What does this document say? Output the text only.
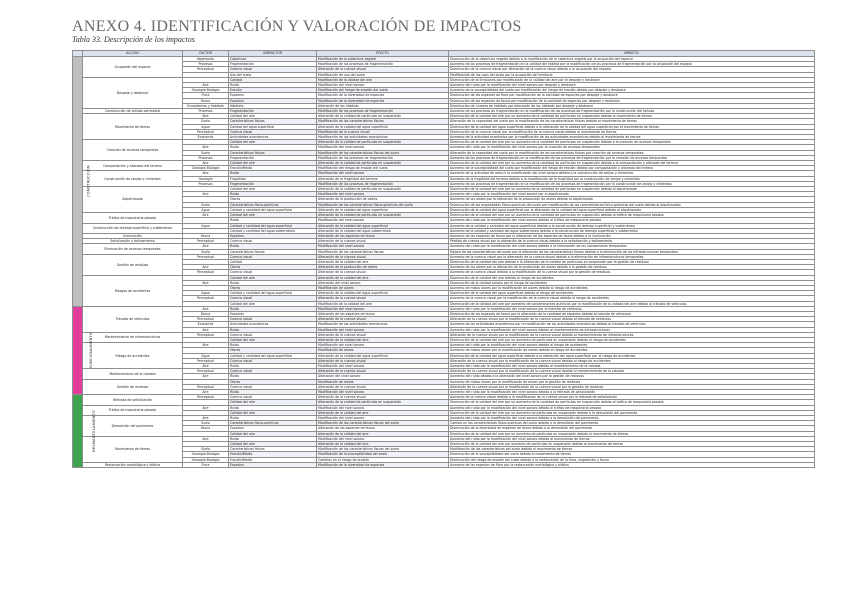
ANEXO 4. IDENTIFICACIÓN Y VALORACIÓN DE IMPACTOS
Tabla 33. Descripción de los impactos
	ACCIÓN	FACTOR	SUBFACTOR	EFECTO	IMPACTO
CONSTRUCCIÓN	Ocupación del espacio	Vegetación	Cobertura	Modificación de la cobertura vegetal	Disminución de la cobertura vegetal debido a la modificación de la cobertura vegetal por la ocupación del espacio
		Procesos	Fragmentación	Modificación de los procesos de fragmentación	Aumento de los procesos de fragmentación en la calidad del hábitat por la modificación de los procesos de fragmentación por la ocupación del espacio
		Perceptual	Cuenca visual	Alteración de la cuenca visual	Disminución de la cuenca visual por alteración de la cuenca visual debido a la ocupación del espacio
			Uso del suelo	Modificación de uso del suelo	Modificación de los usos del suelo por la ocupación del territorio
	Despeje y desbroce		Calidad	Modificación de la calidad del aire	Disminución de la Emisiones por modificación de la calidad del aire por el despeje y desbroce
		Aire	Ruido	Modificación del nivel sonoro	Aumento del ruido por la modificación del nivel sonoro por despeje y desbroce
		Geología Biología	Erosión	Modificación del riesgo de erosión del suelo	Aumento de la susceptibilidad del suelo por modificación del riesgo de erosión debido por despeje y desbroce
		Flora	Especies	Modificación de la diversidad de especies	Disminución de las especies de flora por modificación de la cantidad de especies por despeje y desbroce
		Fauna	Especies	Modificación de la diversidad de especies	Disminución de las especies de fauna por modificación de la cantidad de especies por despeje y desbroce
		Ecosistemas y hábitats	Hábitats	Alteración de los hábitats	Disminución de número de hábitats por alteración de los hábitats por despeje y desbroce
	Construcción de talludo perimetral	Procesos	Fragmentación	Modificación de los procesos de fragmentación	Aumento de los procesos de fragmentación en la modificación de los procesos de fragmentación por la construcción del talludo
	Movimiento de tierras	Aire	Calidad del aire	Alteración de la calidad de partículas en suspensión	Disminución de la calidad del aire por un aumento de la cantidad de partículas en suspensión debido al movimiento de tierras
		Suelo	Características físicas	Modificación de las características físicas	Alteración de la capacidad del suelo por la modificación de las características físicas debido al movimiento de tierras
		Agua	Calidad del agua superficial	Alteración de la calidad del agua superficial	Disminución de la calidad del agua superficial debido a la alteración de la calidad del agua superficial por el movimiento de tierras
		Perceptual	Cuenca visual	Modificación de la cuenca visual	Disminución de la cuenca visual por la modificación de la cuenca visual debido al movimiento de tierras
		Economía	Actividades económicas	Modificación de las actividades económicas	Aumento de la actividad económica por la modificación de las actividades económicas debido al movimiento de tierras
	Creación de accesos temporales		Calidad del aire	Alteración de la calidad de partículas en suspensión	Disminución de la calidad del aire por un aumento de la cantidad de partículas en suspensión debido a la creación de accesos temporales
		Aire	Ruido	Modificación del nivel sonoro	Aumento del ruido por la modificación del nivel sonoro por la creación de accesos temporales
		Suelo	Características físicas	Modificación de las características físicas del suelo	Alteración de la capacidad del suelo por la modificación de las características físicas por creación de accesos temporales
		Procesos	Fragmentación	Modificación de los procesos de fragmentación	Aumento de los procesos de fragmentación en la modificación de los procesos de fragmentación por la creación de accesos temporales
	Compactación y allanado del terreno	Aire	Calidad del aire	Alteración de la calidad de partículas en suspensión	Disminución de la calidad del aire por un aumento de la cantidad de partículas en suspensión debido a la compactación y allanado del terreno
		Geología Biología	Erosión/Medio	Modificación del riesgo de erosión del suelo	Aumento de la susceptibilidad del suelo por modificación del riesgo de erosión debido por compactación y allanado del terreno
	Construcción de zanjas y cimientos	Aire	Ruido	Modificación del nivel sonoro	Aumento de la actividad de reducir la modificación del nivel sonoro debido a la construcción de zanjas y cimientos
		Geología	Fragilidad	Alteración de la fragilidad del terreno	Aumento de la fragilidad del terreno debido a la modificación de la fragilidad por la construcción de zanjas y cimientos
		Procesos	Fragmentación	Modificación de los procesos de fragmentación	Aumento de los procesos de fragmentación en la modificación de los procesos de fragmentación por la construcción de zanjas y cimientos
	Alquitranado		Calidad del aire	Alteración de la calidad de partículas en suspensión	Disminución de la calidad del aire por un aumento de la cantidad de partículas en suspensión debido al alquitranado
		Aire	Ruido	Modificación del nivel sonoro	Aumento del ruido por la modificación del nivel sonoro por el alquitranado
			Olores	Alteración de la producción de olores	Aumento de los olores por la alteración de la producción de olores debido al alquitranado
		Suelo	Características físico-químicas	Modificación de las características físico-químicas del suelo	Disminución de las propiedades físico-químicas del suelo por modificación de las características físico-químicas del suelo debido al alquitranado
		Agua	Calidad y cantidad del agua superficial	Alteración de la calidad del agua superficial	Disminución de la calidad del agua superficial por la alteración de la calidad del agua superficial debido al alquitranado
	Tráfico de maquinaria pesada	Aire	Calidad del aire	Alteración de la calidad de partículas en suspensión	Disminución de la calidad del aire por un aumento de la cantidad de partículas en suspensión debido al tráfico de maquinaria pesada
			Ruido	Modificación del nivel sonoro	Aumento del ruido por la modificación del nivel sonoro debido al tráfico de maquinaria pesada
	Construcción de drenaje superficial y subterráneo	Agua	Calidad y cantidad del agua superficial	Alteración de la calidad del agua superficial	Aumento de la calidad y cantidad del agua superficial debido a la construcción de drenaje superficial y subterráneo
			Calidad y cantidad del agua subterránea	Alteración de la calidad del agua subterránea	Aumento de la calidad y cantidad del agua subterránea debido a la construcción de drenaje superficial y subterráneo
	Iluminación	Fauna	Especies	Alteración de las especies de fauna	Aumento de las especies de fauna por la alteración de las especies de fauna debido a la iluminación
	Señalización y balizamiento	Perceptual	Cuenca visual	Alteración de la cuenca visual	Pérdida de cuenca visual por la alteración de la cuenca visual debido a la señalización y balizamiento
	Eliminación de accesos temporales	Aire	Ruido	Modificación del nivel sonoro	Aumento del ruido por la modificación del nivel sonoro debido a la eliminación de las instalaciones temporales
		Suelo	Características físicas	Modificación de las características físicas	Mejora de las características del suelo por la alteración de las características físicas debido a la eliminación de las infraestructuras temporales
	Gestión de residuos	Perceptual	Cuenca visual	Alteración de la cuenca visual	Aumento de la cuenca visual por la alteración de la cuenca visual debido a la eliminación de infraestructuras temporales
			Calidad	Alteración de la calidad del aire	Disminución de la calidad del aire debido a la alteración de la calidad de partículas en suspensión por la gestión de residuos
		Aire	Olores	Alteración de la producción de olores	Aumento de los olores por la alteración de la producción de olores debido a la gestión de residuos
		Perceptual	Cuenca visual	Alteración de la cuenca visual	Aumento de la cuenca visual debido a la modificación de la cuenca visual por la gestión de residuos
	Riesgos de accidentes		Calidad del aire	Alteración de la calidad del aire	Disminución de la calidad del aire debido al riesgo de accidentes
		Aire	Ruido	Alteración del nivel sonoro	Disminución de la calidad sonora por el riesgo de accidentes
			Olores	Modificación de olores	Aumento de malos olores por la modificación de olores debido al riesgo de accidentes
		Agua	Calidad y cantidad del agua superficial	Alteración de la calidad del agua superficial	Disminución de la calidad del agua superficial debido al riesgo de accidentes
		Perceptual	Cuenca visual	Alteración de la cuenca visual	Aumento de la cuenca visual por la modificación de la cuenca visual debido al riesgo de accidentes
			Calidad del aire	Modificación de la calidad del aire	Disminución de la calidad del aire por aumento de contaminantes químicos por la modificación de la calidad del aire debido al tránsito de vehículos
FUNCIONAMIENTO	Tránsito de vehículos	Aire	Ruido	Modificación del nivel sonoro	Aumento del ruido por la modificación del nivel sonoro por el tránsito de vehículos
		Fauna	Especies	Alteración de las especies de fauna	Disminución de las especies de fauna por la alteración de la cantidad de especies debido al tránsito de vehículos
		Perceptual	Cuenca visual	Alteración de la cuenca visual	Alteración de la cuenca visual por la modificación de la cuenca visual debido al tránsito de vehículos
		Economía	Actividades económicas	Modificación de las actividades económicas	Aumento de las actividades económicas por la modificación de las actividades económicas debido al tránsito de vehículos
		Aire	Ruido	Modificación del nivel sonoro	Aumento del ruido por la modificación del nivel sonoro debido al mantenimiento de infraestructuras
	Mantenimiento de infraestructuras	Perceptual	Cuenca visual	Alteración de la cuenca visual	Alteración de la cuenca visual por la modificación de la cuenca visual debido al mantenimiento de infraestructuras
			Calidad del aire	Alteración de la calidad del aire	Disminución de la calidad del aire por un aumento de partículas en suspensión debido al riesgo de accidentes
	Riesgo de accidentes	Aire	Ruido	Modificación del nivel sonoro	Aumento del ruido por la modificación del nivel sonoro debido al riesgo de accidentes
			Olores	Modificación de olores	Aumento de malos olores por la modificación de olores debido al riesgo de accidentes
		Agua	Calidad y cantidad del agua superficial	Alteración de la calidad del agua superficial	Disminución de la calidad del agua superficial debido a la alteración del agua superficial por el riesgo de accidentes
		Perceptual	Cuenca visual	Alteración de la cuenca visual	Alteración de la cuenca visual por la modificación de la cuenca visual debido al riesgo de accidentes
		Aire	Ruido	Modificación del nivel sonoro	Aumento del ruido por la modificación del nivel sonoro debido al mantenimiento de la calzada
	Mantenimiento de la calzada	Perceptual	Cuenca visual	Alteración de la cuenca visual	Alteración de la cuenca visual por la modificación de la cuenca visual debido al mantenimiento de la calzada
		Aire	Ruido	Alteración del nivel sonoro	Aumento del ruido debido a la alteración del nivel sonoro por la gestión de residuos
	Gestión de residuos		Olores	Modificación de olores	Aumento de malos olores por la modificación de olores por la gestión de residuos
		Perceptual	Cuenca visual	Alteración de la cuenca visual	Alteración de la cuenca visual por la modificación de la cuenca visual por la gestión de residuos
		Aire	Ruido	Modificación del nivel sonoro	Aumento del ruido por la modificación del nivel sonoro debido a la retirada de señalización
DESMANTELAMIENTO	Retirada de señalización	Perceptual	Cuenca visual	Alteración de la cuenca visual	Aumento de la cuenca visual debido a la modificación de la cuenca visual por la retirada de señalización
			Calidad del aire	Alteración de la calidad de partículas en suspensión	Disminución de la calidad del aire por un aumento de la cantidad de partículas en suspensión debido al tráfico de maquinaria pesada
	Tráfico de maquinaria pesada	Aire	Ruido	Modificación del nivel sonoro	Aumento del ruido por la modificación del nivel sonoro debido al tráfico de maquinaria pesada
			Calidad del aire	Alteración de la calidad del aire	Disminución de la calidad del aire por un aumento de partículas en suspensión debido a la demolición del pavimento
	Demolición del pavimento	Aire	Ruido	Modificación del nivel sonoro	Aumento del ruido por la modificación del nivel sonoro debido a la demolición del pavimento
		Suelo	Características físico-químicas	Modificación de las características físicas del suelo	Cambio en las características físico-químicas del suelo debido a la demolición del pavimento
		Fauna	Especies	Alteración de las especies de fauna	Disminución de la diversidad de especies de fauna debido a la demolición del pavimento
			Calidad del aire	Alteración de la calidad del aire	Disminución de la calidad del aire por un aumento de partículas en suspensión debido al movimiento de tierras
	Movimiento de tierras	Aire	Ruido	Modificación del nivel sonoro	Aumento del ruido por la modificación del nivel sonoro debido al movimiento de tierras
			Calidad del aire	Alteración de la calidad del aire	Disminución de la calidad del aire por aumento de partículas en suspensión debido al movimiento de tierras
		Suelo	Características físicas	Modificación de las características físicas del suelo	Modificación de las características del suelo debido al movimiento de tierras
		Geología Biología	Erosión/Medio	Modificación de la susceptibilidad del suelo	Disminución de la susceptibilidad del suelo debido al movimiento de tierras
		Geología Biología	Erosión/Medio	Cambios en el riesgo de erosión	Disminución del riesgo de erosión del suelo debido a la restauración de la flora, vegetación y fauna
	Restauración morfológica y biótica	Flora	Especies	Modificación de la diversidad de especies	Aumento de las especies de flora por la restauración morfológica y biótica
